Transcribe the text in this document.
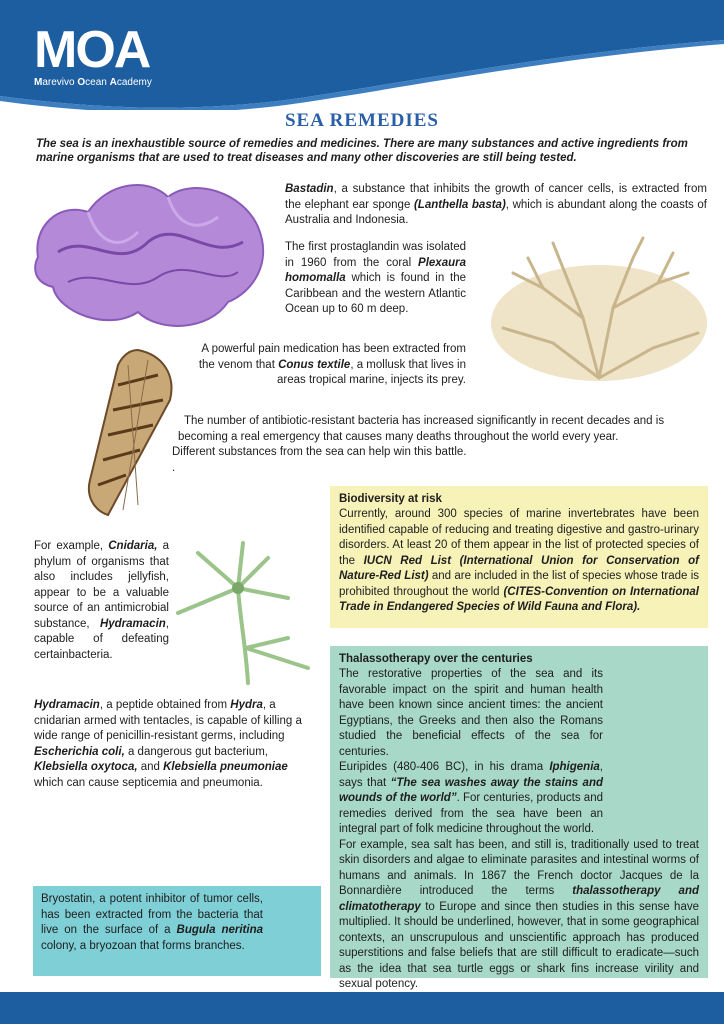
MOA
Marevivo Ocean Academy
SEA REMEDIES
The sea is an inexhaustible source of remedies and medicines. There are many substances and active ingredients from marine organisms that are used to treat diseases and many other discoveries are still being tested.
Bastadin, a substance that inhibits the growth of cancer cells, is extracted from the elephant ear sponge (Lanthella basta), which is abundant along the coasts of Australia and Indonesia.
The first prostaglandin was isolated in 1960 from the coral Plexaura homomalla which is found in the Caribbean and the western Atlantic Ocean up to 60 m deep.
A powerful pain medication has been extracted from the venom that Conus textile, a mollusk that lives in areas tropical marine, injects its prey.
The number of antibiotic-resistant bacteria has increased significantly in recent decades and is
becoming a real emergency that causes many deaths throughout the world every year.
Different substances from the sea can help win this battle.
.
Biodiversity at risk
Currently, around 300 species of marine invertebrates have been identified capable of reducing and treating digestive and gastro-urinary disorders. At least 20 of them appear in the list of protected species of the IUCN Red List (International Union for Conservation of Nature-Red List) and are included in the list of species whose trade is prohibited throughout the world (CITES-Convention on International Trade in Endangered Species of Wild Fauna and Flora).
For example, Cnidaria, a phylum of organisms that also includes jellyfish, appear to be a valuable source of an antimicrobial substance, Hydramacin, capable of defeating certainbacteria.
Hydramacin, a peptide obtained from Hydra, a cnidarian armed with tentacles, is capable of killing a wide range of penicillin-resistant germs, including Escherichia coli, a dangerous gut bacterium, Klebsiella oxytoca, and Klebsiella pneumoniae which can cause septicemia and pneumonia.
Thalassotherapy over the centuries
The restorative properties of the sea and its favorable impact on the spirit and human health have been known since ancient times: the ancient Egyptians, the Greeks and then also the Romans studied the beneficial effects of the sea for centuries.
Euripides (480-406 BC), in his drama Iphigenia, says that “The sea washes away the stains and wounds of the world”. For centuries, products and remedies derived from the sea have been an integral part of folk medicine throughout the world.
For example, sea salt has been, and still is, traditionally used to treat skin disorders and algae to eliminate parasites and intestinal worms of humans and animals. In 1867 the French doctor Jacques de la Bonnardière introduced the terms thalassotherapy and climatotherapy to Europe and since then studies in this sense have multiplied. It should be underlined, however, that in some geographical contexts, an unscrupulous and unscientific approach has produced superstitions and false beliefs that are still difficult to eradicate—such as the idea that sea turtle eggs or shark fins increase virility and sexual potency.
Bryostatin, a potent inhibitor of tumor cells, has been extracted from the bacteria that live on the surface of a Bugula neritina colony, a bryozoan that forms branches.
